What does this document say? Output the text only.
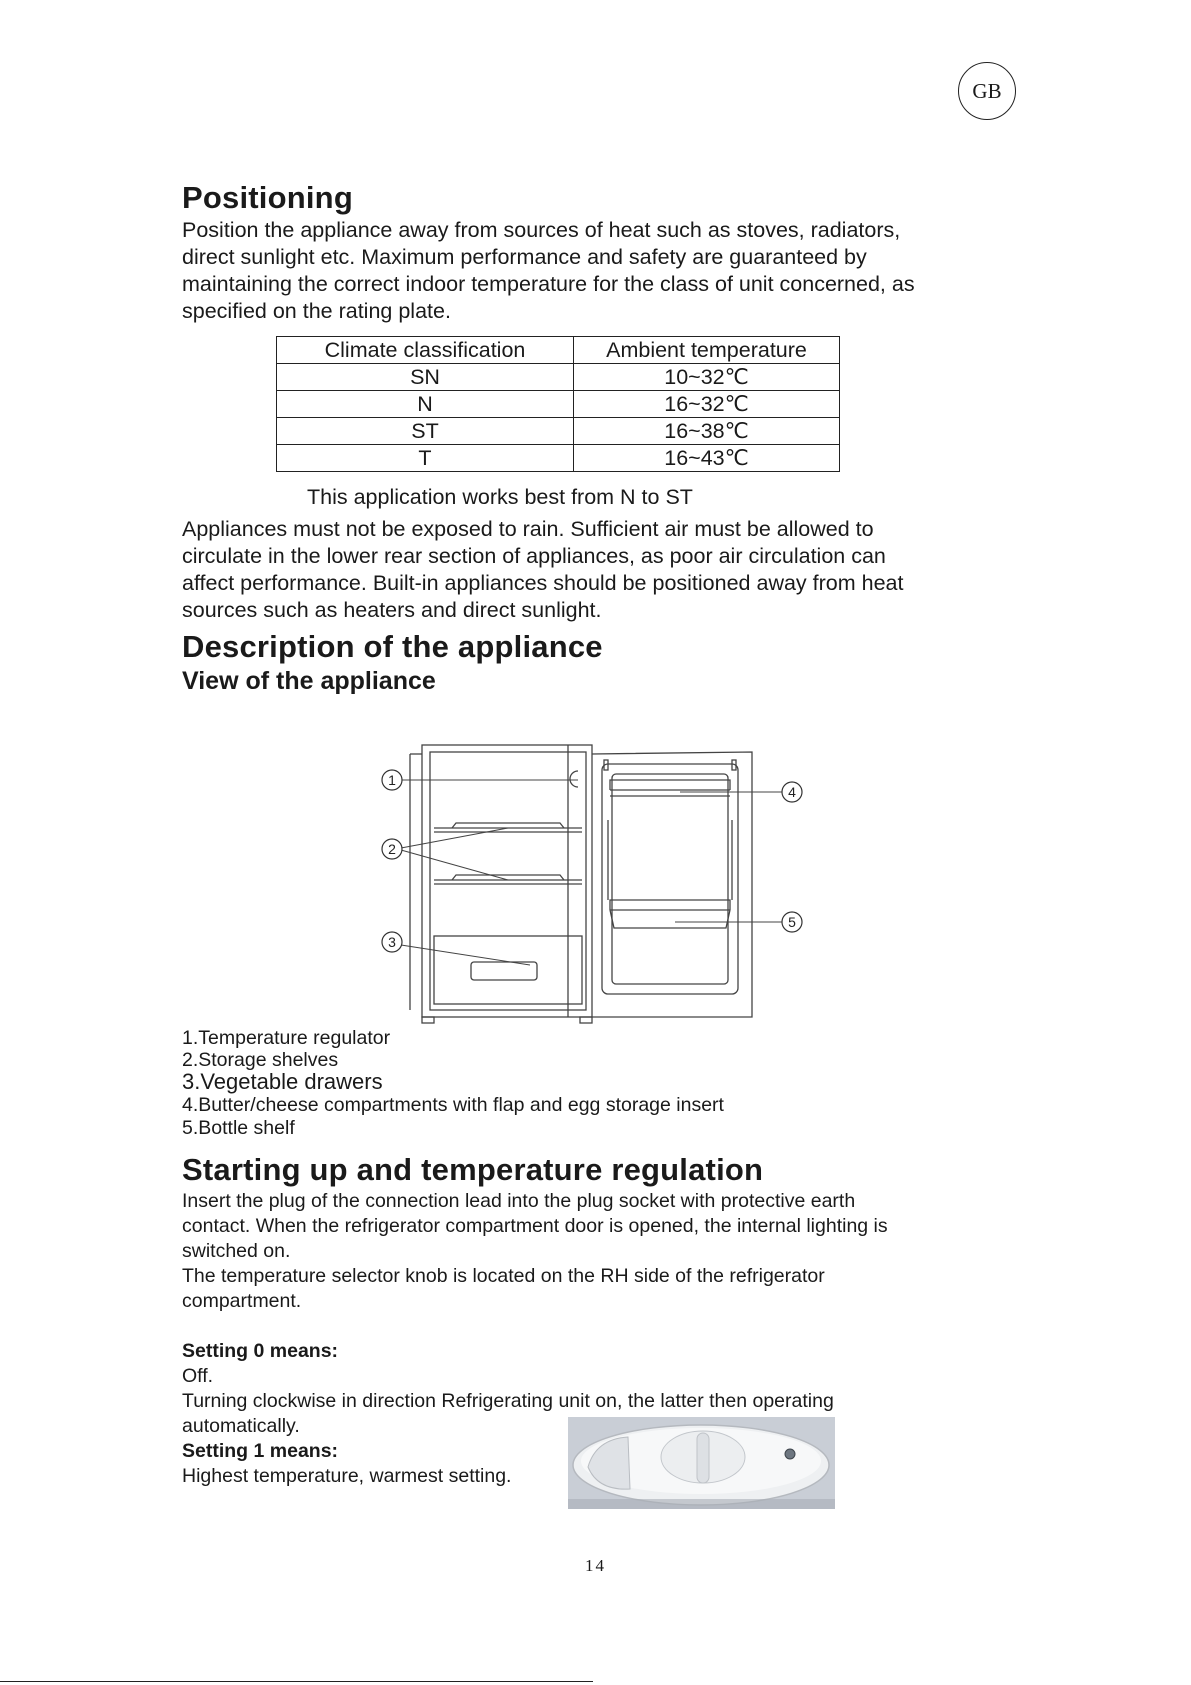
GB
Positioning
Position the appliance away from sources of heat such as stoves, radiators,
direct sunlight etc. Maximum performance and safety are guaranteed by
maintaining the correct indoor temperature for the class of unit concerned, as
specified on the rating plate.
Climate classification	Ambient temperature
SN	10~32℃
N	16~32℃
ST	16~38℃
T	16~43℃
This application works best from N to ST
Appliances must not be exposed to rain. Sufficient air must be allowed to
circulate in the lower rear section of appliances, as poor air circulation can
affect performance. Built-in appliances should be positioned away from heat
sources such as heaters and direct sunlight.
Description of the appliance
View of the appliance
1
2
3
4
5
1.Temperature regulator
2.Storage shelves
3.Vegetable drawers
4.Butter/cheese compartments with flap and egg storage insert
5.Bottle shelf
Starting up and temperature regulation
Insert the plug of the connection lead into the plug socket with protective earth
contact. When the refrigerator compartment door is opened, the internal lighting is
switched on.
The temperature selector knob is located on the RH side of the refrigerator
compartment.
Setting 0 means:
Off.
Turning clockwise in direction Refrigerating unit on, the latter then operating
automatically.
Setting 1 means:
Highest temperature, warmest setting.
14
